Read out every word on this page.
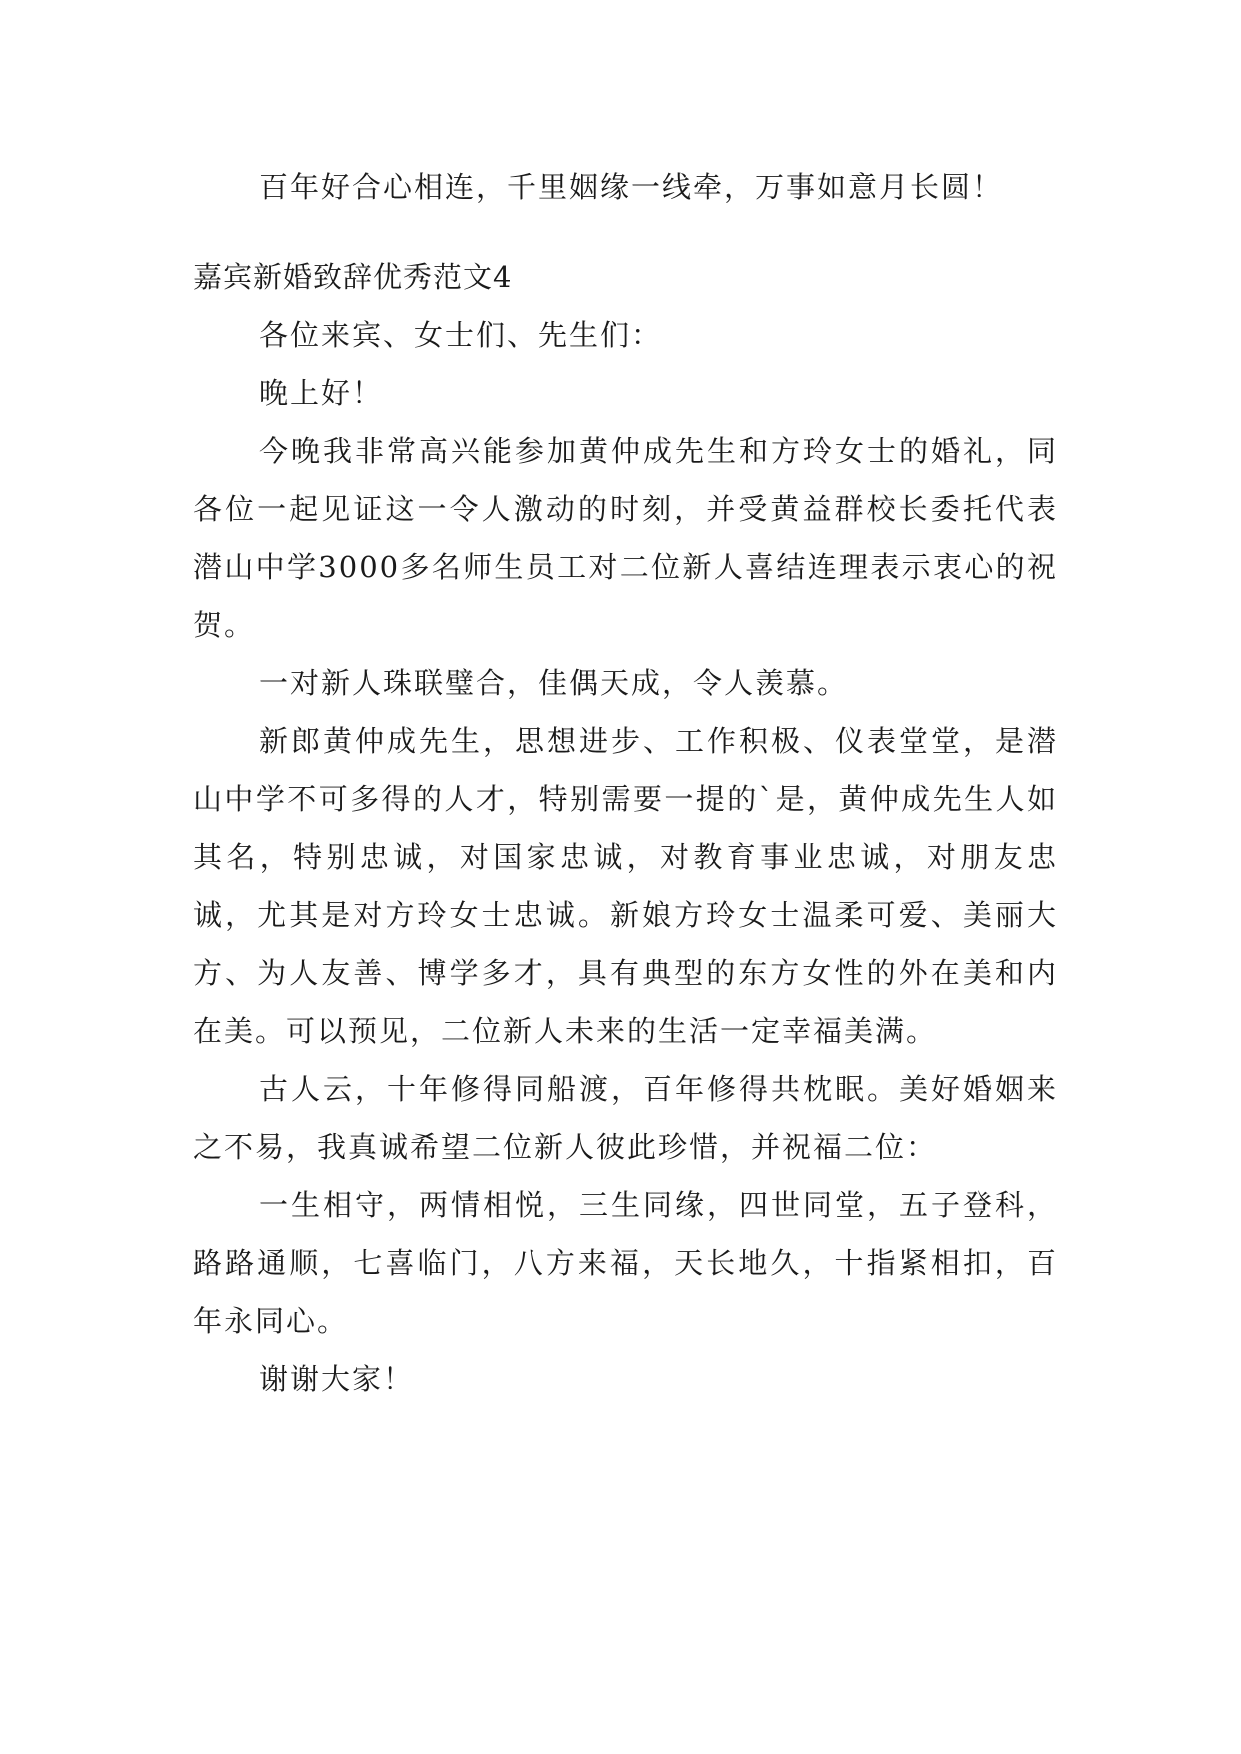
百年好合心相连，千里姻缘一线牵，万事如意月长圆！

嘉宾新婚致辞优秀范文4

各位来宾、女士们、先生们：

晚上好！

今晚我非常高兴能参加黄仲成先生和方玲女士的婚礼，同各位一起见证这一令人激动的时刻，并受黄益群校长委托代表潜山中学3000多名师生员工对二位新人喜结连理表示衷心的祝贺。

一对新人珠联璧合，佳偶天成，令人羡慕。

新郎黄仲成先生，思想进步、工作积极、仪表堂堂，是潜山中学不可多得的人才，特别需要一提的`是，黄仲成先生人如其名，特别忠诚，对国家忠诚，对教育事业忠诚，对朋友忠诚，尤其是对方玲女士忠诚。新娘方玲女士温柔可爱、美丽大方、为人友善、博学多才，具有典型的东方女性的外在美和内在美。可以预见，二位新人未来的生活一定幸福美满。

古人云，十年修得同船渡，百年修得共枕眠。美好婚姻来之不易，我真诚希望二位新人彼此珍惜，并祝福二位：

一生相守，两情相悦，三生同缘，四世同堂，五子登科，路路通顺，七喜临门，八方来福，天长地久，十指紧相扣，百年永同心。

谢谢大家！
